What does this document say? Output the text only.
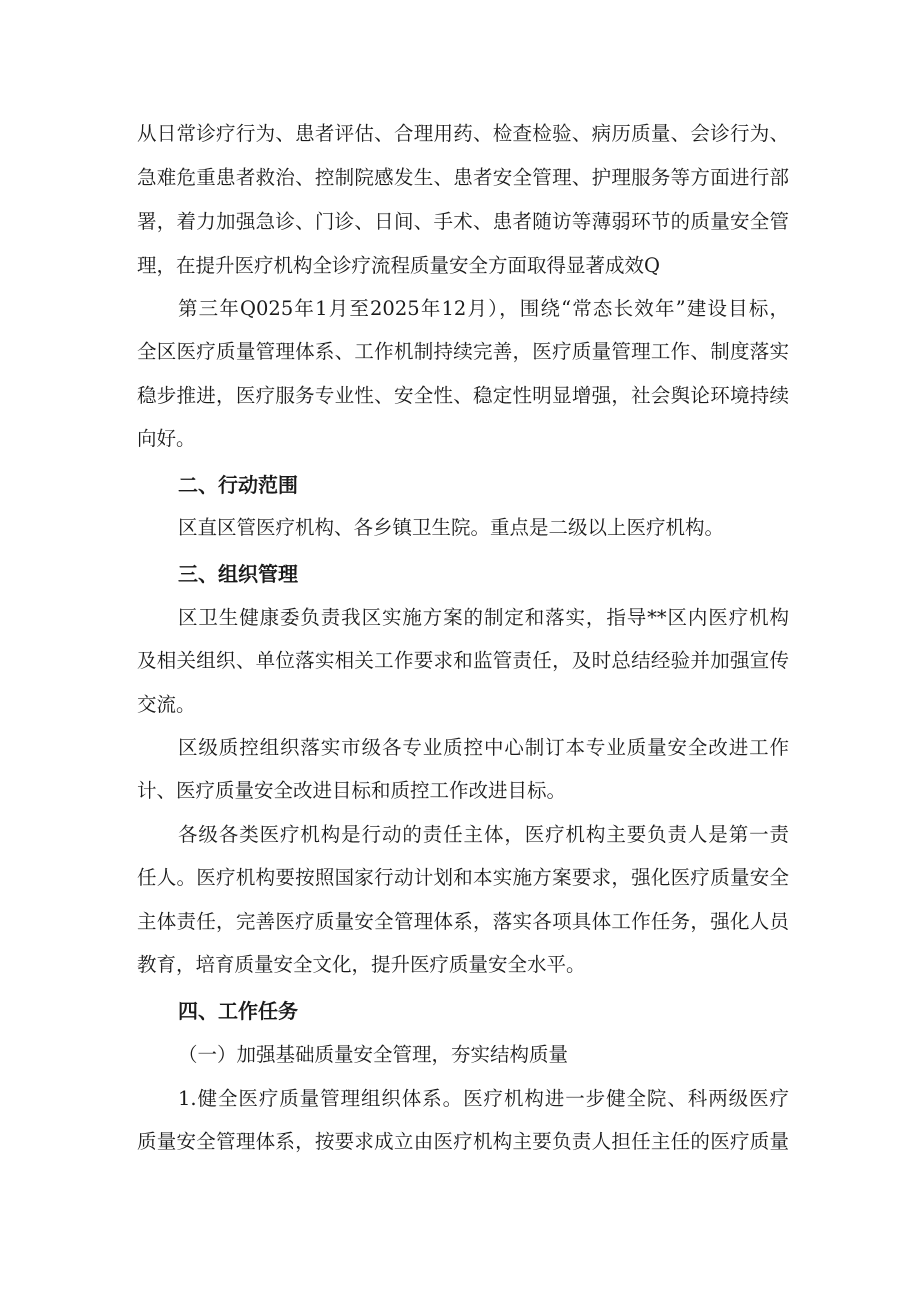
从日常诊疗行为、患者评估、合理用药、检查检验、病历质量、会诊行为、
急难危重患者救治、控制院感发生、患者安全管理、护理服务等方面进行部
署，着力加强急诊、门诊、日间、手术、患者随访等薄弱环节的质量安全管
理，在提升医疗机构全诊疗流程质量安全方面取得显著成效Q
第三年Q025年1月至2025年12月），围绕“常态长效年”建设目标，
全区医疗质量管理体系、工作机制持续完善，医疗质量管理工作、制度落实
稳步推进，医疗服务专业性、安全性、稳定性明显增强，社会舆论环境持续
向好。
二、行动范围
区直区管医疗机构、各乡镇卫生院。重点是二级以上医疗机构。
三、组织管理
区卫生健康委负责我区实施方案的制定和落实，指导**区内医疗机构
及相关组织、单位落实相关工作要求和监管责任，及时总结经验并加强宣传
交流。
区级质控组织落实市级各专业质控中心制订本专业质量安全改进工作
计、医疗质量安全改进目标和质控工作改进目标。
各级各类医疗机构是行动的责任主体，医疗机构主要负责人是第一责
任人。医疗机构要按照国家行动计划和本实施方案要求，强化医疗质量安全
主体责任，完善医疗质量安全管理体系，落实各项具体工作任务，强化人员
教育，培育质量安全文化，提升医疗质量安全水平。
四、工作任务
（一）加强基础质量安全管理，夯实结构质量
1.健全医疗质量管理组织体系。医疗机构进一步健全院、科两级医疗
质量安全管理体系，按要求成立由医疗机构主要负责人担任主任的医疗质量
